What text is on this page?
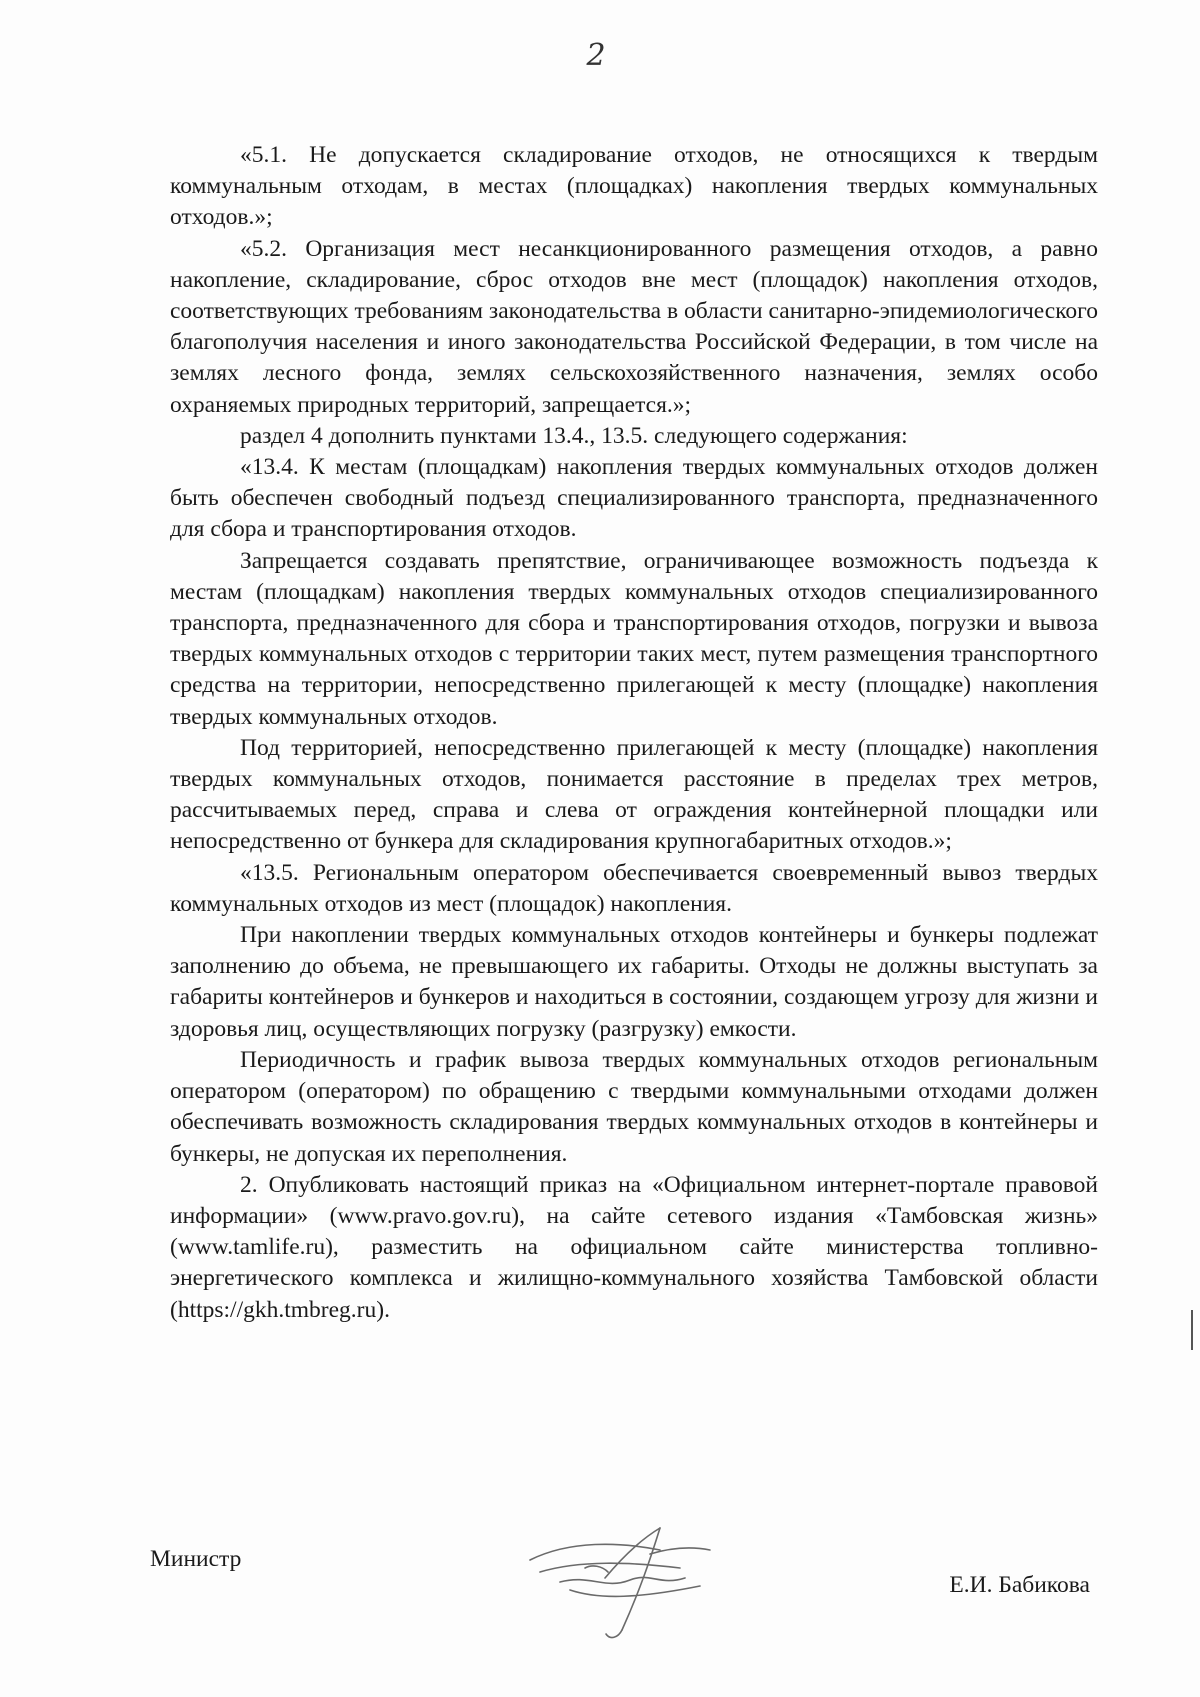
2

«5.1. Не допускается складирование отходов, не относящихся к твердым коммунальным отходам, в местах (площадках) накопления твердых коммунальных отходов.»;

«5.2. Организация мест несанкционированного размещения отходов, а равно накопление, складирование, сброс отходов вне мест (площадок) накопления отходов, соответствующих требованиям законодательства в области санитарно-эпидемиологического благополучия населения и иного законодательства Российской Федерации, в том числе на землях лесного фонда, землях сельскохозяйственного назначения, землях особо охраняемых природных территорий, запрещается.»;

раздел 4 дополнить пунктами 13.4., 13.5. следующего содержания:

«13.4. К местам (площадкам) накопления твердых коммунальных отходов должен быть обеспечен свободный подъезд специализированного транспорта, предназначенного для сбора и транспортирования отходов.

Запрещается создавать препятствие, ограничивающее возможность подъезда к местам (площадкам) накопления твердых коммунальных отходов специализированного транспорта, предназначенного для сбора и транспортирования отходов, погрузки и вывоза твердых коммунальных отходов с территории таких мест, путем размещения транспортного средства на территории, непосредственно прилегающей к месту (площадке) накопления твердых коммунальных отходов.

Под территорией, непосредственно прилегающей к месту (площадке) накопления твердых коммунальных отходов, понимается расстояние в пределах трех метров, рассчитываемых перед, справа и слева от ограждения контейнерной площадки или непосредственно от бункера для складирования крупногабаритных отходов.»;

«13.5. Региональным оператором обеспечивается своевременный вывоз твердых коммунальных отходов из мест (площадок) накопления.

При накоплении твердых коммунальных отходов контейнеры и бункеры подлежат заполнению до объема, не превышающего их габариты. Отходы не должны выступать за габариты контейнеров и бункеров и находиться в состоянии, создающем угрозу для жизни и здоровья лиц, осуществляющих погрузку (разгрузку) емкости.

Периодичность и график вывоза твердых коммунальных отходов региональным оператором (оператором) по обращению с твердыми коммунальными отходами должен обеспечивать возможность складирования твердых коммунальных отходов в контейнеры и бункеры, не допуская их переполнения.

2. Опубликовать настоящий приказ на «Официальном интернет-портале правовой информации» (www.pravo.gov.ru), на сайте сетевого издания «Тамбовская жизнь» (www.tamlife.ru), разместить на официальном сайте министерства топливно-энергетического комплекса и жилищно-коммунального хозяйства Тамбовской области (https://gkh.tmbreg.ru).

Министр
Е.И. Бабикова
